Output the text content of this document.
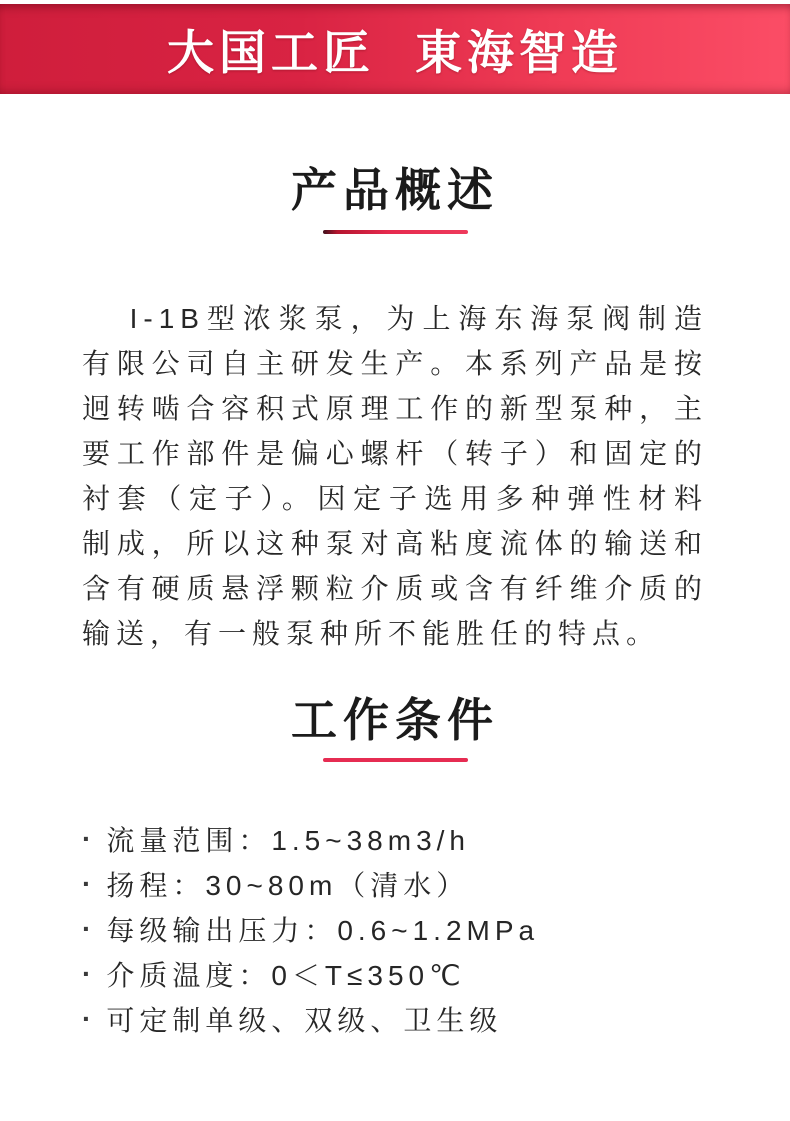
大国工匠 東海智造
产品概述

I-1B型浓浆泵，为上海东海泵阀制造有限公司自主研发生产。本系列产品是按迥转啮合容积式原理工作的新型泵种，主要工作部件是偏心螺杆（转子）和固定的衬套（定子）。因定子选用多种弹性材料制成，所以这种泵对高粘度流体的输送和含有硬质悬浮颗粒介质或含有纤维介质的输送，有一般泵种所不能胜任的特点。

工作条件
· 流量范围：1.5~38m3/h
· 扬程：30~80m（清水）
· 每级输出压力：0.6~1.2MPa
· 介质温度：0＜T≤350℃
· 可定制单级、双级、卫生级
